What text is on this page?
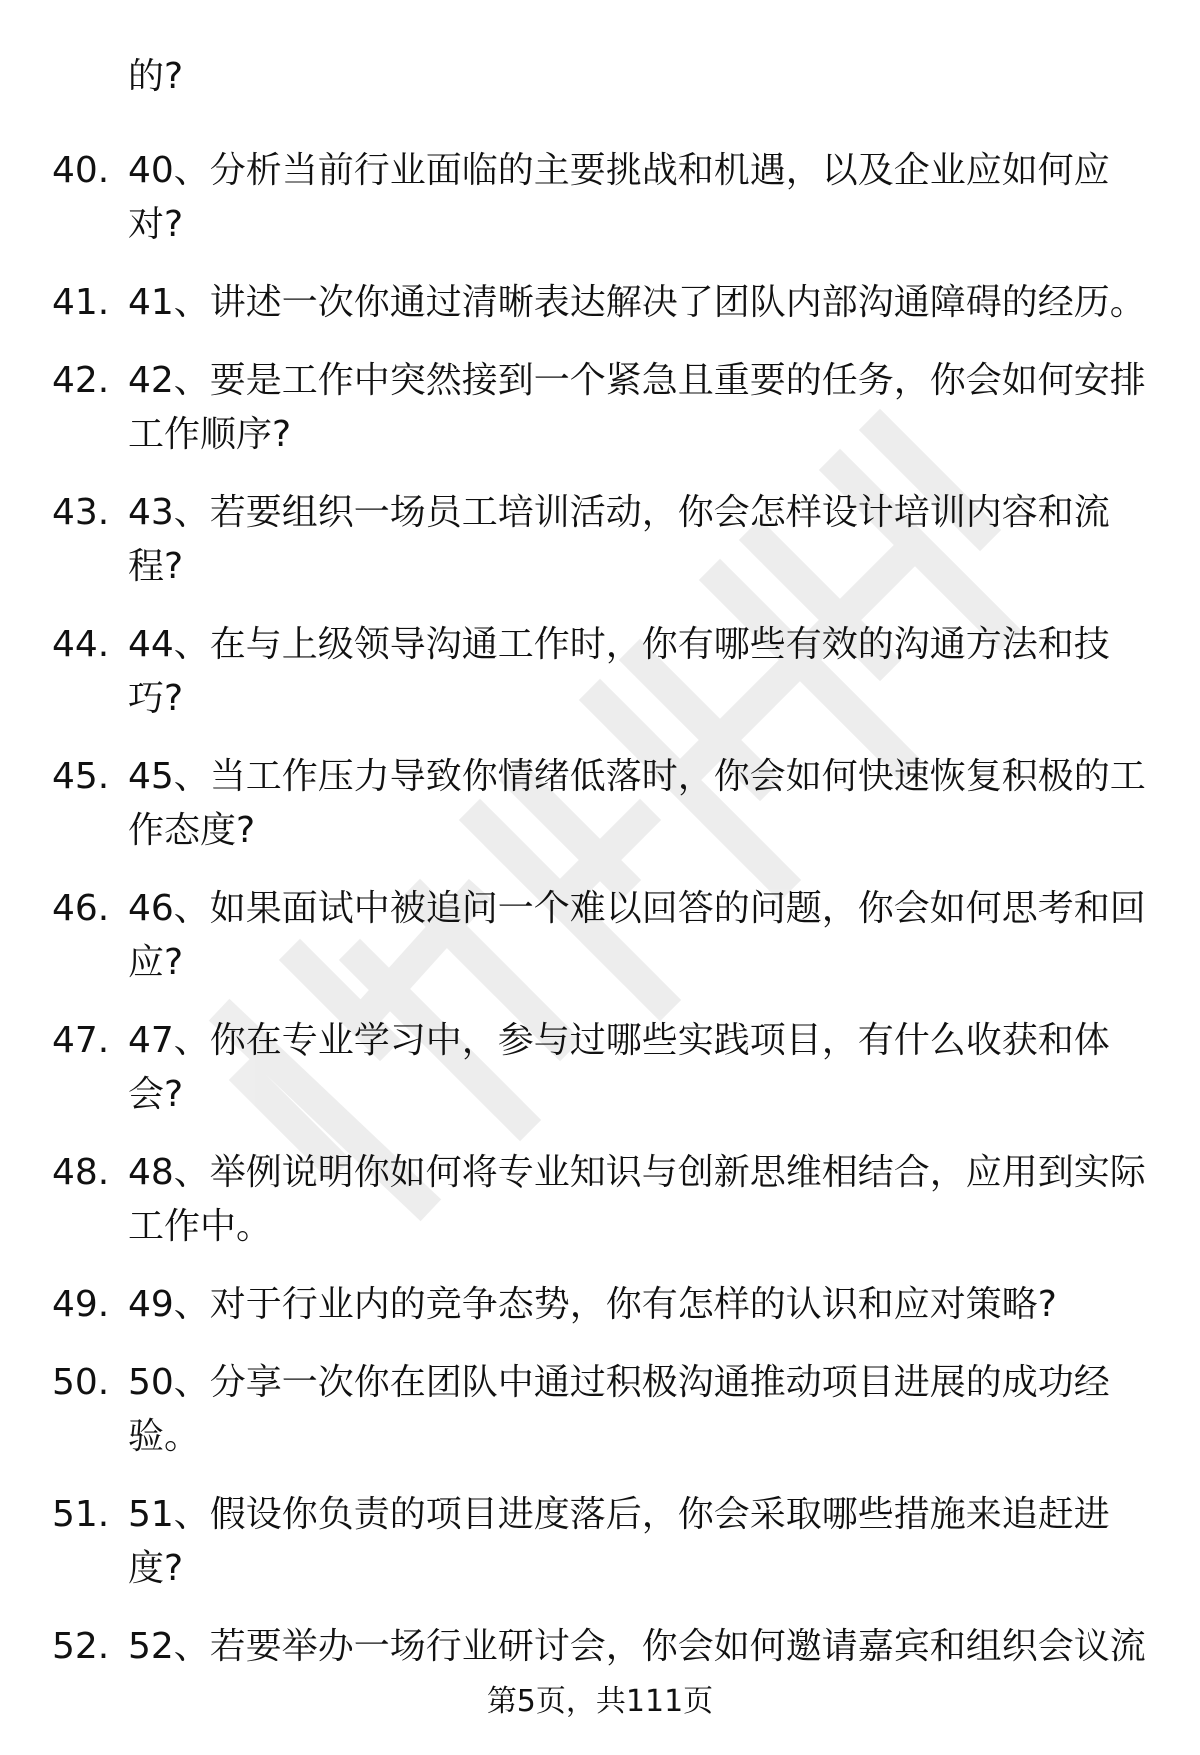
的?
40. 40、分析当前行业面临的主要挑战和机遇，以及企业应如何应对?
41. 41、讲述一次你通过清晰表达解决了团队内部沟通障碍的经历。
42. 42、要是工作中突然接到一个紧急且重要的任务，你会如何安排工作顺序?
43. 43、若要组织一场员工培训活动，你会怎样设计培训内容和流程?
44. 44、在与上级领导沟通工作时，你有哪些有效的沟通方法和技巧?
45. 45、当工作压力导致你情绪低落时，你会如何快速恢复积极的工作态度?
46. 46、如果面试中被追问一个难以回答的问题，你会如何思考和回应?
47. 47、你在专业学习中，参与过哪些实践项目，有什么收获和体会?
48. 48、举例说明你如何将专业知识与创新思维相结合，应用到实际工作中。
49. 49、对于行业内的竞争态势，你有怎样的认识和应对策略?
50. 50、分享一次你在团队中通过积极沟通推动项目进展的成功经验。
51. 51、假设你负责的项目进度落后，你会采取哪些措施来追赶进度?
52. 52、若要举办一场行业研讨会，你会如何邀请嘉宾和组织会议流
第5页，共111页
